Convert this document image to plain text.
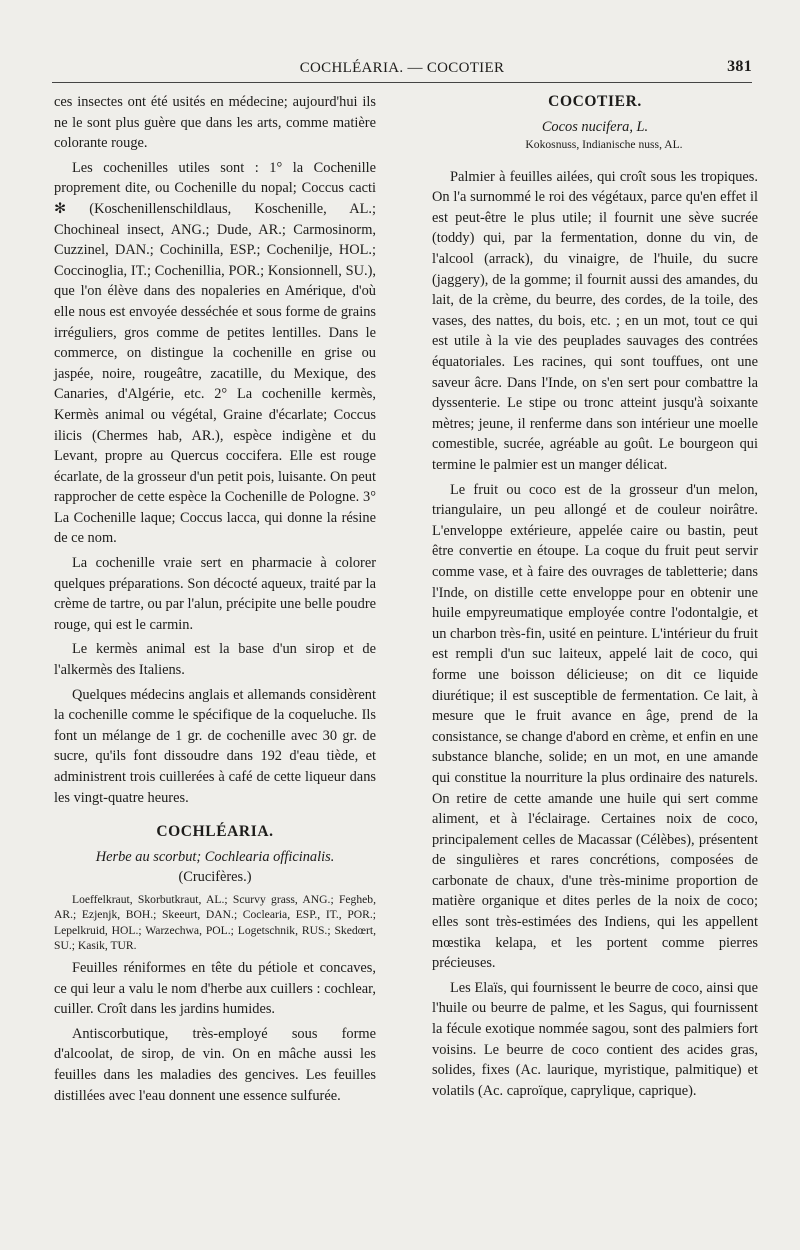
COCHLÉARIA. — COCOTIER	381

ces insectes ont été usités en médecine; aujourd'hui ils ne le sont plus guère que dans les arts, comme matière colorante rouge.

Les cochenilles utiles sont : 1° la Cochenille proprement dite, ou Cochenille du nopal; Coccus cacti ✻ (Koschenillenschildlaus, Koschenille, AL.; Chochineal insect, ANG.; Dude, AR.; Carmosinorm, Cuzzinel, DAN.; Cochinilla, ESP.; Cochenilje, HOL.; Coccinoglia, IT.; Cochenillia, POR.; Konsionnell, SU.), que l'on élève dans des nopaleries en Amérique, d'où elle nous est envoyée desséchée et sous forme de grains irréguliers, gros comme de petites lentilles. Dans le commerce, on distingue la cochenille en grise ou jaspée, noire, rougeâtre, zacatille, du Mexique, des Canaries, d'Algérie, etc. 2° La cochenille kermès, Kermès animal ou végétal, Graine d'écarlate; Coccus ilicis (Chermes hab, AR.), espèce indigène et du Levant, propre au Quercus coccifera. Elle est rouge écarlate, de la grosseur d'un petit pois, luisante. On peut rapprocher de cette espèce la Cochenille de Pologne. 3° La Cochenille laque; Coccus lacca, qui donne la résine de ce nom.

La cochenille vraie sert en pharmacie à colorer quelques préparations. Son décocté aqueux, traité par la crème de tartre, ou par l'alun, précipite une belle poudre rouge, qui est le carmin.

Le kermès animal est la base d'un sirop et de l'alkermès des Italiens.

Quelques médecins anglais et allemands considèrent la cochenille comme le spécifique de la coqueluche. Ils font un mélange de 1 gr. de cochenille avec 30 gr. de sucre, qu'ils font dissoudre dans 192 d'eau tiède, et administrent trois cuillerées à café de cette liqueur dans les vingt-quatre heures.

COCHLÉARIA.
Herbe au scorbut; Cochlearia officinalis.
(Crucifères.)

Loeffelkraut, Skorbutkraut, AL.; Scurvy grass, ANG.; Fegheb, AR.; Ezjenjk, BOH.; Skeeurt, DAN.; Coclearia, ESP., IT., POR.; Lepelkruid, HOL.; Warzechwa, POL.; Logetschnik, RUS.; Skedœrt, SU.; Kasik, TUR.

Feuilles réniformes en tête du pétiole et concaves, ce qui leur a valu le nom d'herbe aux cuillers : cochlear, cuiller. Croît dans les jardins humides.

Antiscorbutique, très-employé sous forme d'alcoolat, de sirop, de vin. On en mâche aussi les feuilles dans les maladies des gencives. Les feuilles distillées avec l'eau donnent une essence sulfurée.

COCOTIER.
Cocos nucifera, L.

Kokosnuss, Indianische nuss, AL.

Palmier à feuilles ailées, qui croît sous les tropiques. On l'a surnommé le roi des végétaux, parce qu'en effet il est peut-être le plus utile; il fournit une sève sucrée (toddy) qui, par la fermentation, donne du vin, de l'alcool (arrack), du vinaigre, de l'huile, du sucre (jaggery), de la gomme; il fournit aussi des amandes, du lait, de la crème, du beurre, des cordes, de la toile, des vases, des nattes, du bois, etc. ; en un mot, tout ce qui est utile à la vie des peuplades sauvages des contrées équatoriales. Les racines, qui sont touffues, ont une saveur âcre. Dans l'Inde, on s'en sert pour combattre la dyssenterie. Le stipe ou tronc atteint jusqu'à soixante mètres; jeune, il renferme dans son intérieur une moelle comestible, sucrée, agréable au goût. Le bourgeon qui termine le palmier est un manger délicat.

Le fruit ou coco est de la grosseur d'un melon, triangulaire, un peu allongé et de couleur noirâtre. L'enveloppe extérieure, appelée caire ou bastin, peut être convertie en étoupe. La coque du fruit peut servir comme vase, et à faire des ouvrages de tabletterie; dans l'Inde, on distille cette enveloppe pour en obtenir une huile empyreumatique employée contre l'odontalgie, et un charbon très-fin, usité en peinture. L'intérieur du fruit est rempli d'un suc laiteux, appelé lait de coco, qui forme une boisson délicieuse; on dit ce liquide diurétique; il est susceptible de fermentation. Ce lait, à mesure que le fruit avance en âge, prend de la consistance, se change d'abord en crème, et enfin en une substance blanche, solide; en un mot, en une amande qui constitue la nourriture la plus ordinaire des naturels. On retire de cette amande une huile qui sert comme aliment, et à l'éclairage. Certaines noix de coco, principalement celles de Macassar (Célèbes), présentent de singulières et rares concrétions, composées de carbonate de chaux, d'une très-minime proportion de matière organique et dites perles de la noix de coco; elles sont très-estimées des Indiens, qui les appellent mœstika kelapa, et les portent comme pierres précieuses.

Les Elaïs, qui fournissent le beurre de coco, ainsi que l'huile ou beurre de palme, et les Sagus, qui fournissent la fécule exotique nommée sagou, sont des palmiers fort voisins. Le beurre de coco contient des acides gras, solides, fixes (Ac. laurique, myristique, palmitique) et volatils (Ac. caproïque, caprylique, caprique).
